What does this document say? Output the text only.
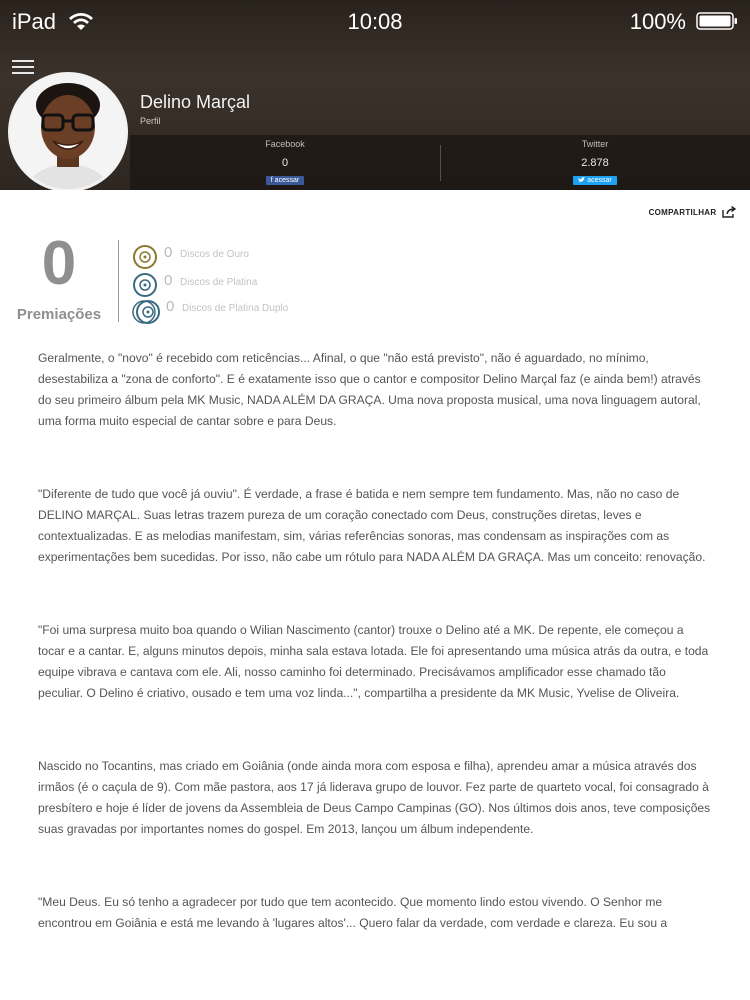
iPad	10:08	100%
Delino Marçal
Perfil
Facebook
0
f acessar
Twitter
2.878
acessar
COMPARTILHAR
0
Premiações
0 Discos de Ouro
0 Discos de Platina
0 Discos de Platina Duplo

Geralmente, o "novo" é recebido com reticências... Afinal, o que "não está previsto", não é aguardado, no mínimo, desestabiliza a "zona de conforto". E é exatamente isso que o cantor e compositor Delino Marçal faz (e ainda bem!) através do seu primeiro álbum pela MK Music, NADA ALÉM DA GRAÇA. Uma nova proposta musical, uma nova linguagem autoral, uma forma muito especial de cantar sobre e para Deus.

"Diferente de tudo que você já ouviu". É verdade, a frase é batida e nem sempre tem fundamento. Mas, não no caso de DELINO MARÇAL. Suas letras trazem pureza de um coração conectado com Deus, construções diretas, leves e contextualizadas. E as melodias manifestam, sim, várias referências sonoras, mas condensam as inspirações com as experimentações bem sucedidas. Por isso, não cabe um rótulo para NADA ALÉM DA GRAÇA. Mas um conceito: renovação.

"Foi uma surpresa muito boa quando o Wilian Nascimento (cantor) trouxe o Delino até a MK. De repente, ele começou a tocar e a cantar. E, alguns minutos depois, minha sala estava lotada. Ele foi apresentando uma música atrás da outra, e toda equipe vibrava e cantava com ele. Ali, nosso caminho foi determinado. Precisávamos amplificador esse chamado tão peculiar. O Delino é criativo, ousado e tem uma voz linda...", compartilha a presidente da MK Music, Yvelise de Oliveira.

Nascido no Tocantins, mas criado em Goiânia (onde ainda mora com esposa e filha), aprendeu amar a música através dos irmãos (é o caçula de 9). Com mãe pastora, aos 17 já liderava grupo de louvor. Fez parte de quarteto vocal, foi consagrado à presbítero e hoje é líder de jovens da Assembleia de Deus Campo Campinas (GO). Nos últimos dois anos, teve composições suas gravadas por importantes nomes do gospel. Em 2013, lançou um álbum independente.

"Meu Deus. Eu só tenho a agradecer por tudo que tem acontecido. Que momento lindo estou vivendo. O Senhor me encontrou em Goiânia e está me levando à 'lugares altos'... Quero falar da verdade, com verdade e clareza. Eu sou a
